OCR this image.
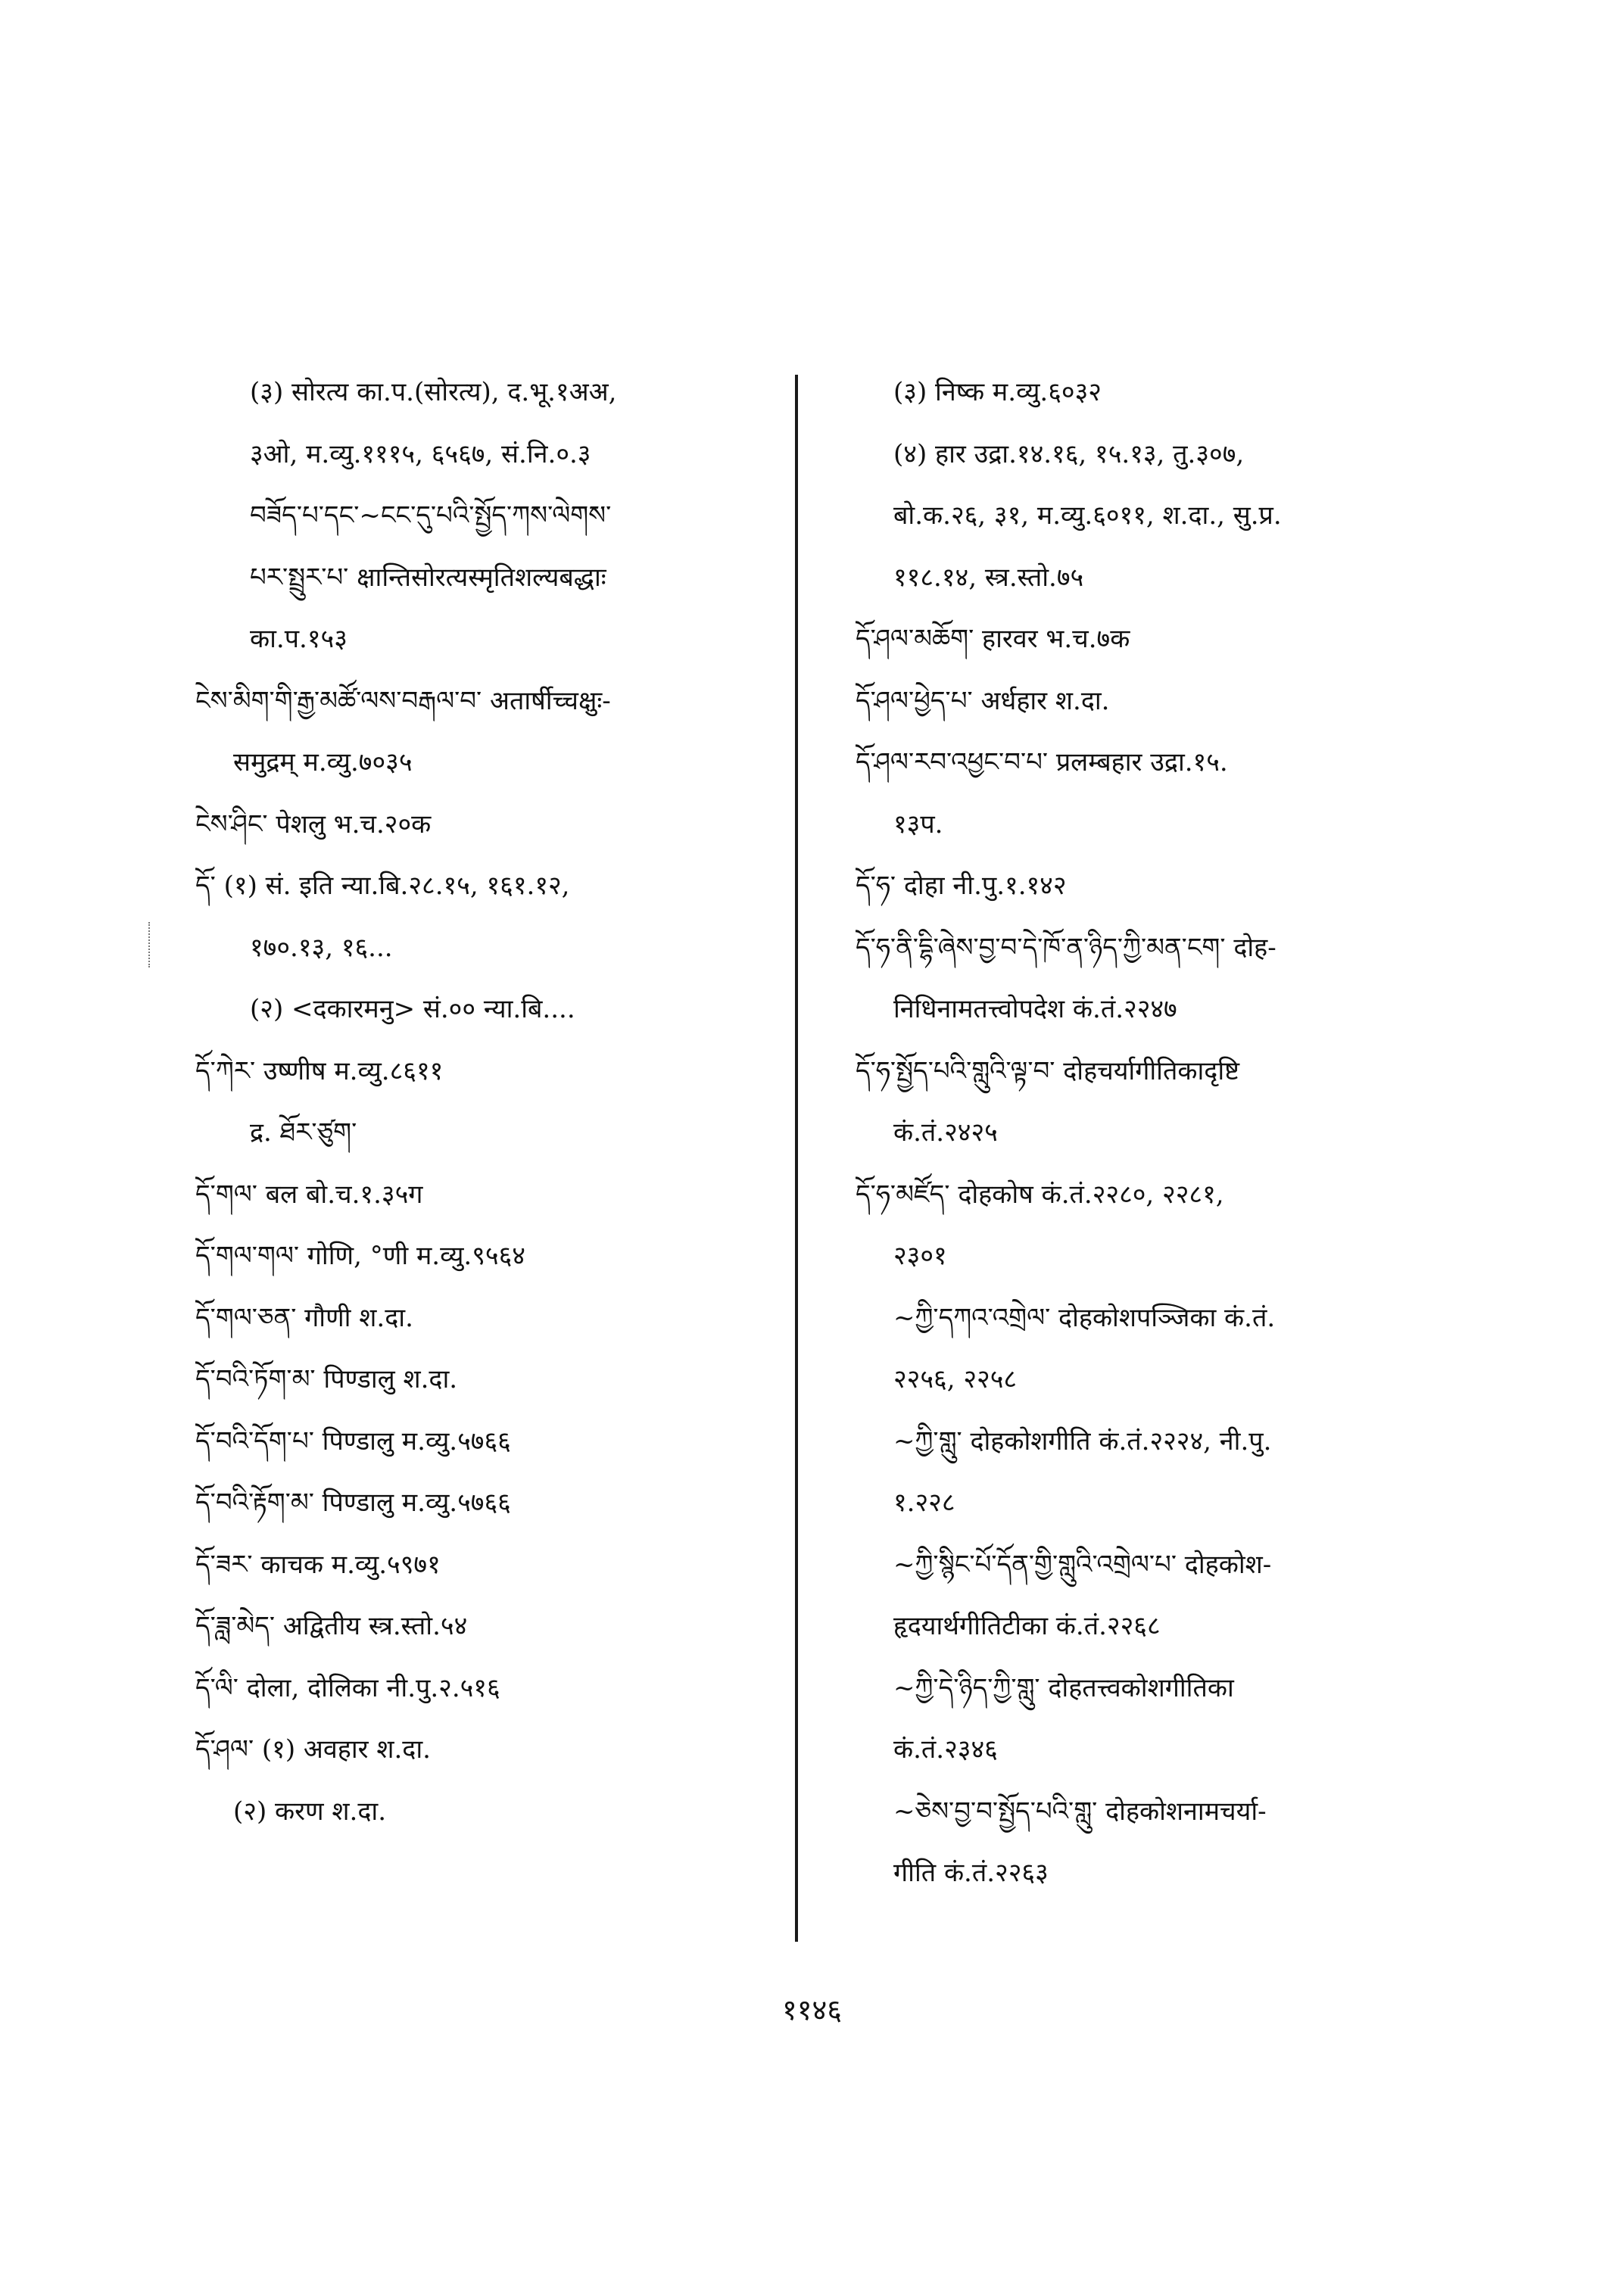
(३) सोरत्य का.प.(सोरत्य), द.भू.१अअ,
३ओ, म.व्यु.१११५, ६५६७, सं.नि.०.३
བཟོད་པ་དང་~ངང་དུ་པའི་སྤྱོད་ཀས་ལེགས་
པར་སྤྲུར་པ་ क्षान्तिसोरत्यस्मृतिशल्यबद्धाः
का.प.१५३
ངེས་མིག་གི་རྒྱ་མཚོ་ལས་བརྒལ་བ་ अतार्षीच्चक्षुः-
समुद्रम् म.व्यु.७०३५
ངེས་ཤིང་ पेशलु भ.च.२०क
དོ་ (१) सं. इति न्या.बि.२८.१५, १६१.१२,
१७०.१३, १६...
(२) <दकारमनु> सं.०० न्या.बि....
དོ་ཀེར་ उष्णीष म.व्यु.८६११
द्र. ཐོར་ཙུག་
དོ་གལ་ बल बो.च.१.३५ग
དོ་གལ་གལ་ गोणि, °णी म.व्यु.९५६४
དོ་གལ་ཅན་ गौणी श.दा.
དོ་བའི་ཏོག་མ་ पिण्डालु श.दा.
དོ་བའི་དོག་པ་ पिण्डालु म.व्यु.५७६६
དོ་བའི་རྟོག་མ་ पिण्डालु म.व्यु.५७६६
དོ་ཟར་ काचक म.व्यु.५९७१
དོ་ཟླ་མེད་ अद्वितीय स्त्र.स्तो.५४
དོ་ལི་ दोला, दोलिका नी.पु.२.५१६
དོ་ཤལ་ (१) अवहार श.दा.
(२) करण श.दा.
(३) निष्क म.व्यु.६०३२
(४) हार उद्रा.१४.१६, १५.१३, तु.३०७,
बो.क.२६, ३१, म.व्यु.६०११, श.दा., सु.प्र.
११८.१४, स्त्र.स्तो.७५
དོ་ཤལ་མཆོག་ हारवर भ.च.७क
དོ་ཤལ་ཕྱེད་པ་ अर्धहार श.दा.
དོ་ཤལ་རབ་འཕྱང་བ་པ་ प्रलम्बहार उद्रा.१५.
१३प.
དོ་ཧ་ दोहा नी.पु.१.१४२
དོ་ཧ་ནི་དྷི་ཞེས་བྱ་བ་དེ་ཁོ་ན་ཉིད་ཀྱི་མན་ངག་ दोह-
निधिनामतत्त्वोपदेश कं.तं.२२४७
དོ་ཧ་སྤྱོད་པའི་གླུའི་ལྟ་བ་ दोहचर्यागीतिकादृष्टि
कं.तं.२४२५
དོ་ཧ་མཛོད་ दोहकोष कं.तं.२२८०, २२८१,
२३०१
~ཀྱི་དཀའ་འགྲེལ་ दोहकोशपञ्जिका कं.तं.
२२५६, २२५८
~ཀྱི་གླུ་ दोहकोशगीति कं.तं.२२२४, नी.पु.
१.२२८
~ཀྱི་སྙིང་པོ་དོན་གྱི་གླུའི་འགྲེལ་པ་ दोहकोश-
हृदयार्थगीतिटीका कं.तं.२२६८
~ཀྱི་དེ་ཉིད་ཀྱི་གླུ་ दोहतत्त्वकोशगीतिका
कं.तं.२३४६
~ཅེས་བྱ་བ་སྤྱོད་པའི་གླུ་ दोहकोशनामचर्या-
गीति कं.तं.२२६३
११४६
